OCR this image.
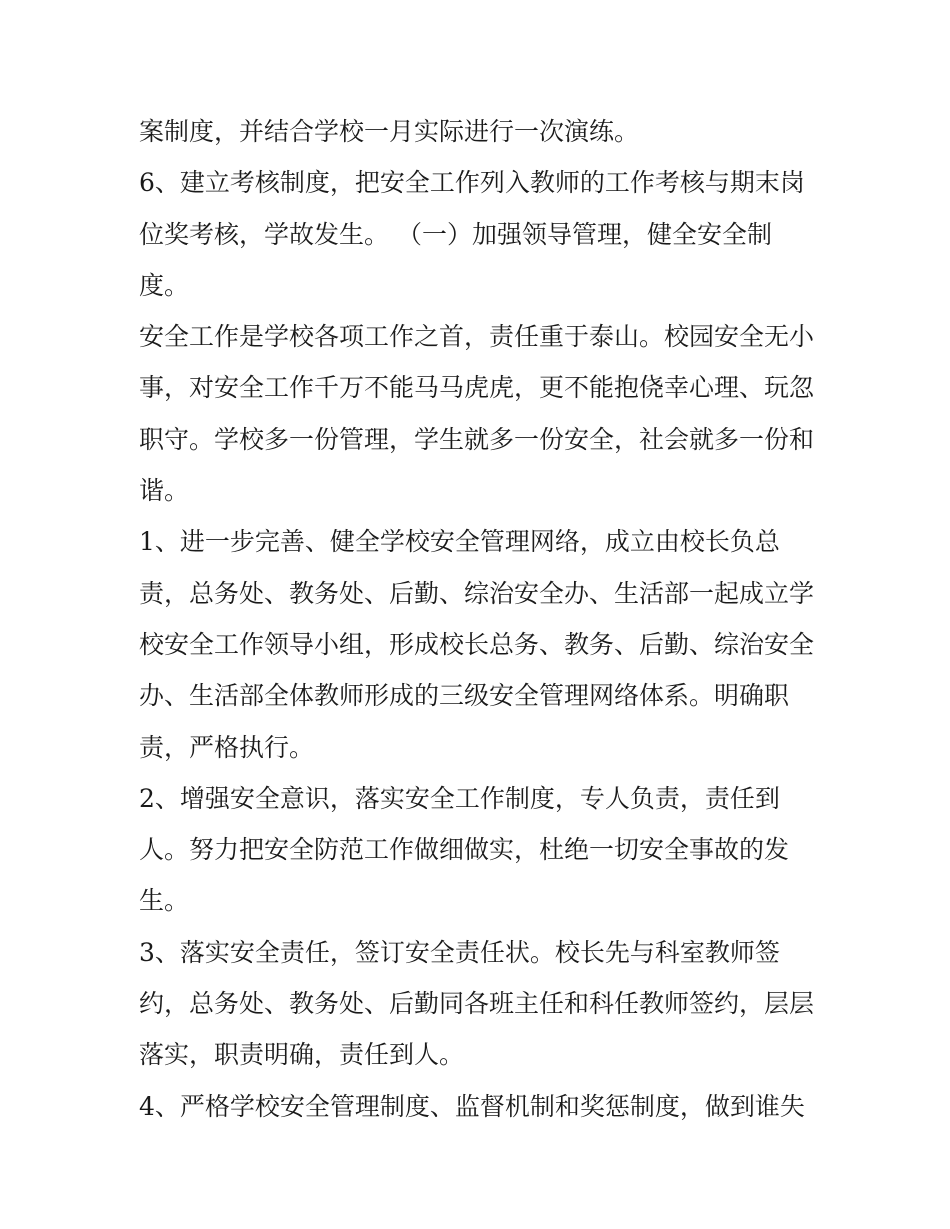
案制度，并结合学校一月实际进行一次演练。
6、建立考核制度，把安全工作列入教师的工作考核与期末岗
位奖考核，学故发生。 （一）加强领导管理，健全安全制
度。
安全工作是学校各项工作之首，责任重于泰山。校园安全无小
事，对安全工作千万不能马马虎虎，更不能抱侥幸心理、玩忽
职守。学校多一份管理，学生就多一份安全，社会就多一份和
谐。
1、进一步完善、健全学校安全管理网络，成立由校长负总
责，总务处、教务处、后勤、综治安全办、生活部一起成立学
校安全工作领导小组，形成校长总务、教务、后勤、综治安全
办、生活部全体教师形成的三级安全管理网络体系。明确职
责，严格执行。
2、增强安全意识，落实安全工作制度，专人负责，责任到
人。努力把安全防范工作做细做实，杜绝一切安全事故的发
生。
3、落实安全责任，签订安全责任状。校长先与科室教师签
约，总务处、教务处、后勤同各班主任和科任教师签约，层层
落实，职责明确，责任到人。
4、严格学校安全管理制度、监督机制和奖惩制度，做到谁失
